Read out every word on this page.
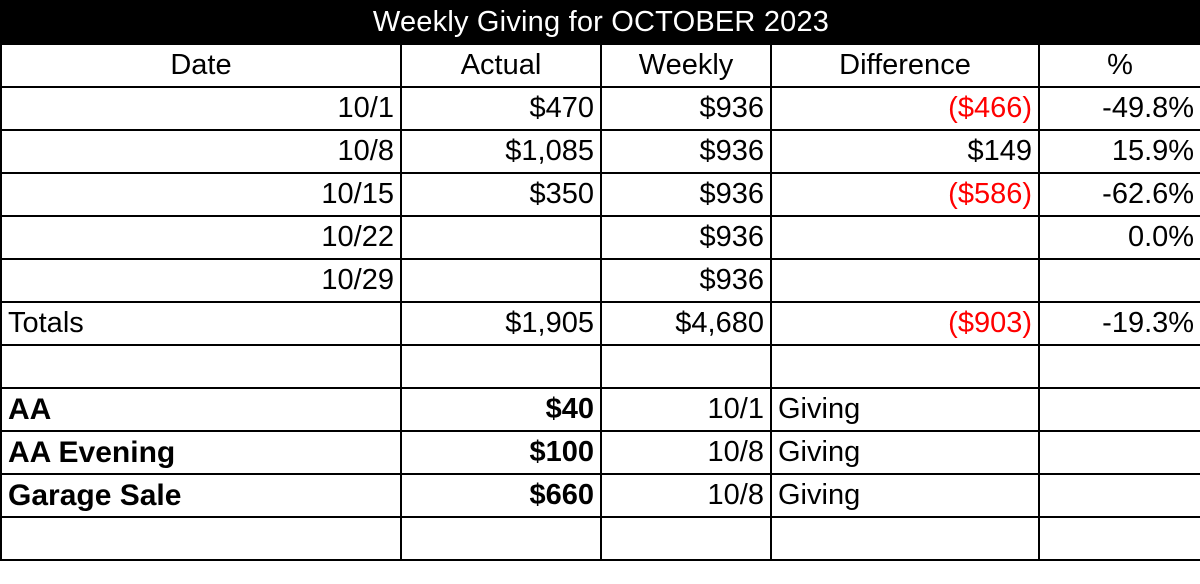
Weekly Giving for OCTOBER 2023				
Date	Actual	Weekly	Difference	%
10/1	$470	$936	($466)	-49.8%
10/8	$1,085	$936	$149	15.9%
10/15	$350	$936	($586)	-62.6%
10/22		$936		0.0%
10/29		$936		
Totals	$1,905	$4,680	($903)	-19.3%

AA	$40	10/1	Giving	
AA Evening	$100	10/8	Giving	
Garage Sale	$660	10/8	Giving	
